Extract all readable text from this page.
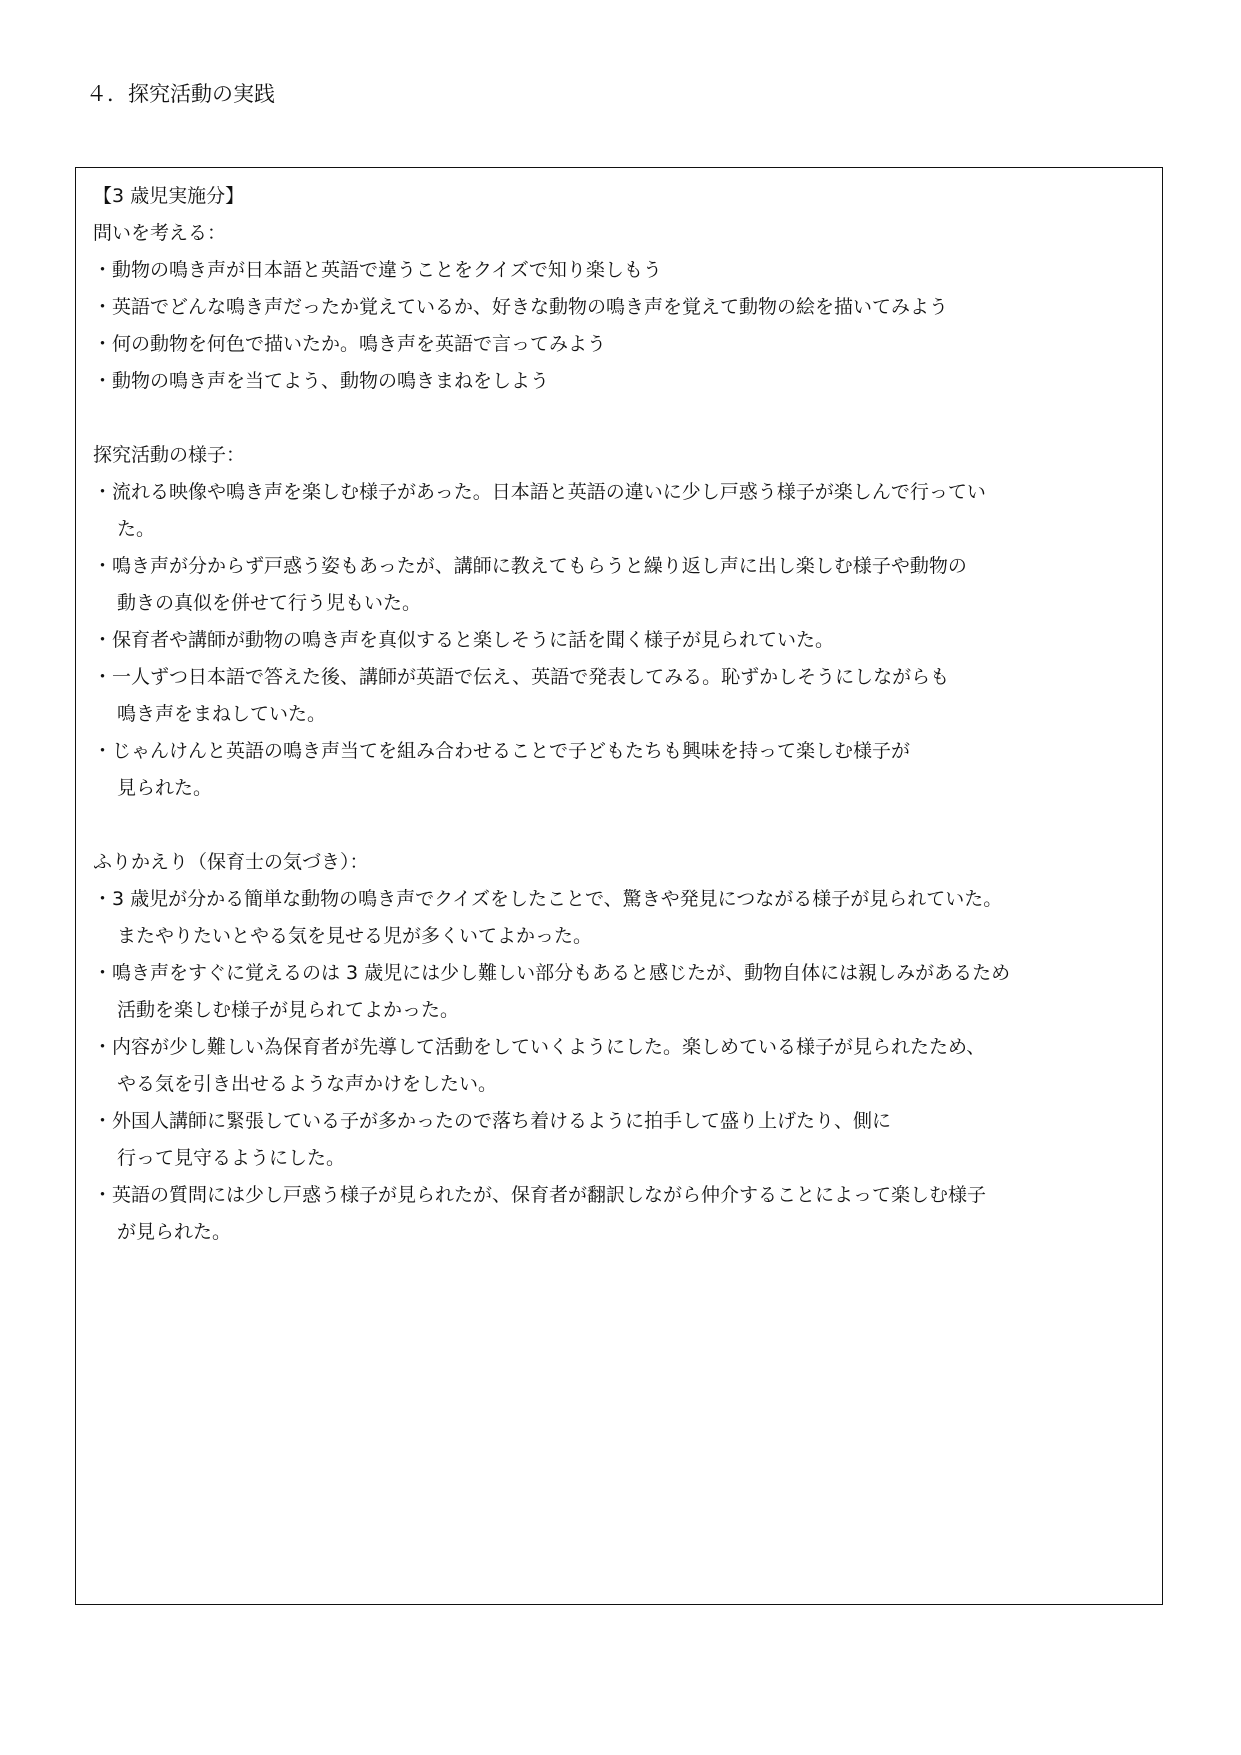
４．探究活動の実践
【3 歳児実施分】
問いを考える：
・動物の鳴き声が日本語と英語で違うことをクイズで知り楽しもう
・英語でどんな鳴き声だったか覚えているか、好きな動物の鳴き声を覚えて動物の絵を描いてみよう
・何の動物を何色で描いたか。鳴き声を英語で言ってみよう
・動物の鳴き声を当てよう、動物の鳴きまねをしよう
探究活動の様子：
・流れる映像や鳴き声を楽しむ様子があった。日本語と英語の違いに少し戸惑う様子が楽しんで行ってい
た。
・鳴き声が分からず戸惑う姿もあったが、講師に教えてもらうと繰り返し声に出し楽しむ様子や動物の
動きの真似を併せて行う児もいた。
・保育者や講師が動物の鳴き声を真似すると楽しそうに話を聞く様子が見られていた。
・一人ずつ日本語で答えた後、講師が英語で伝え、英語で発表してみる。恥ずかしそうにしながらも
鳴き声をまねしていた。
・じゃんけんと英語の鳴き声当てを組み合わせることで子どもたちも興味を持って楽しむ様子が
見られた。
ふりかえり（保育士の気づき）：
・3 歳児が分かる簡単な動物の鳴き声でクイズをしたことで、驚きや発見につながる様子が見られていた。
またやりたいとやる気を見せる児が多くいてよかった。
・鳴き声をすぐに覚えるのは 3 歳児には少し難しい部分もあると感じたが、動物自体には親しみがあるため
活動を楽しむ様子が見られてよかった。
・内容が少し難しい為保育者が先導して活動をしていくようにした。楽しめている様子が見られたため、
やる気を引き出せるような声かけをしたい。
・外国人講師に緊張している子が多かったので落ち着けるように拍手して盛り上げたり、側に
行って見守るようにした。
・英語の質問には少し戸惑う様子が見られたが、保育者が翻訳しながら仲介することによって楽しむ様子
が見られた。
